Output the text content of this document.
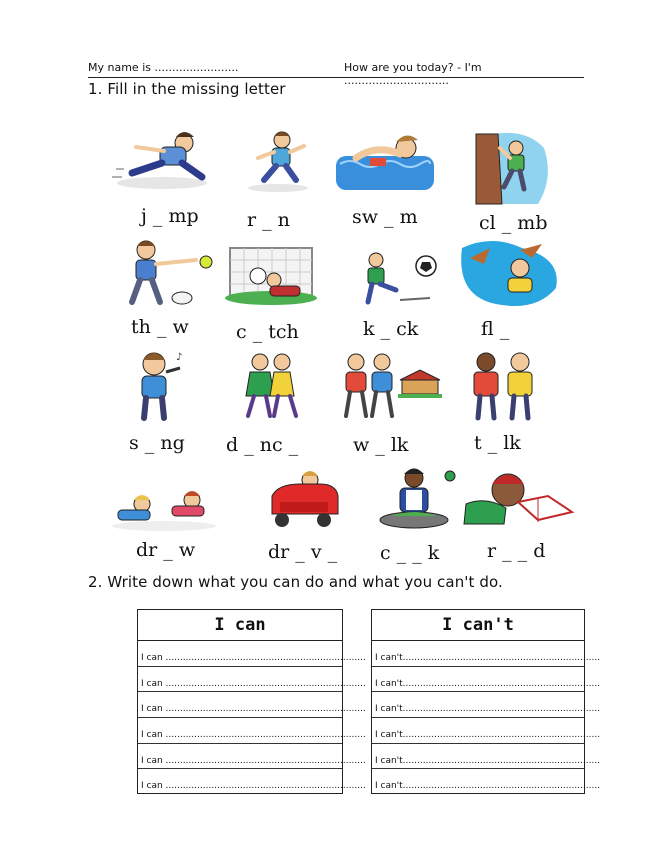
My name is ........................	How are you today? - I'm ..............................
1. Fill in the missing letter
j _ mp	r _ n	sw _ m	cl _ mb
th _ w c _ tch	k _ ck	fl _
♪
s _ ng d _ nc _	w _ lk	t _ lk
dr _ w	dr _ v _ c _ _ k	r _ _ d
2. Write down what you can do and what you can't do.
I can
I can ......................................................................
I can ......................................................................
I can ......................................................................
I can ......................................................................
I can ......................................................................
I can ......................................................................
I can't
I can't.....................................................................
I can't.....................................................................
I can't.....................................................................
I can't.....................................................................
I can't.....................................................................
I can't.....................................................................
